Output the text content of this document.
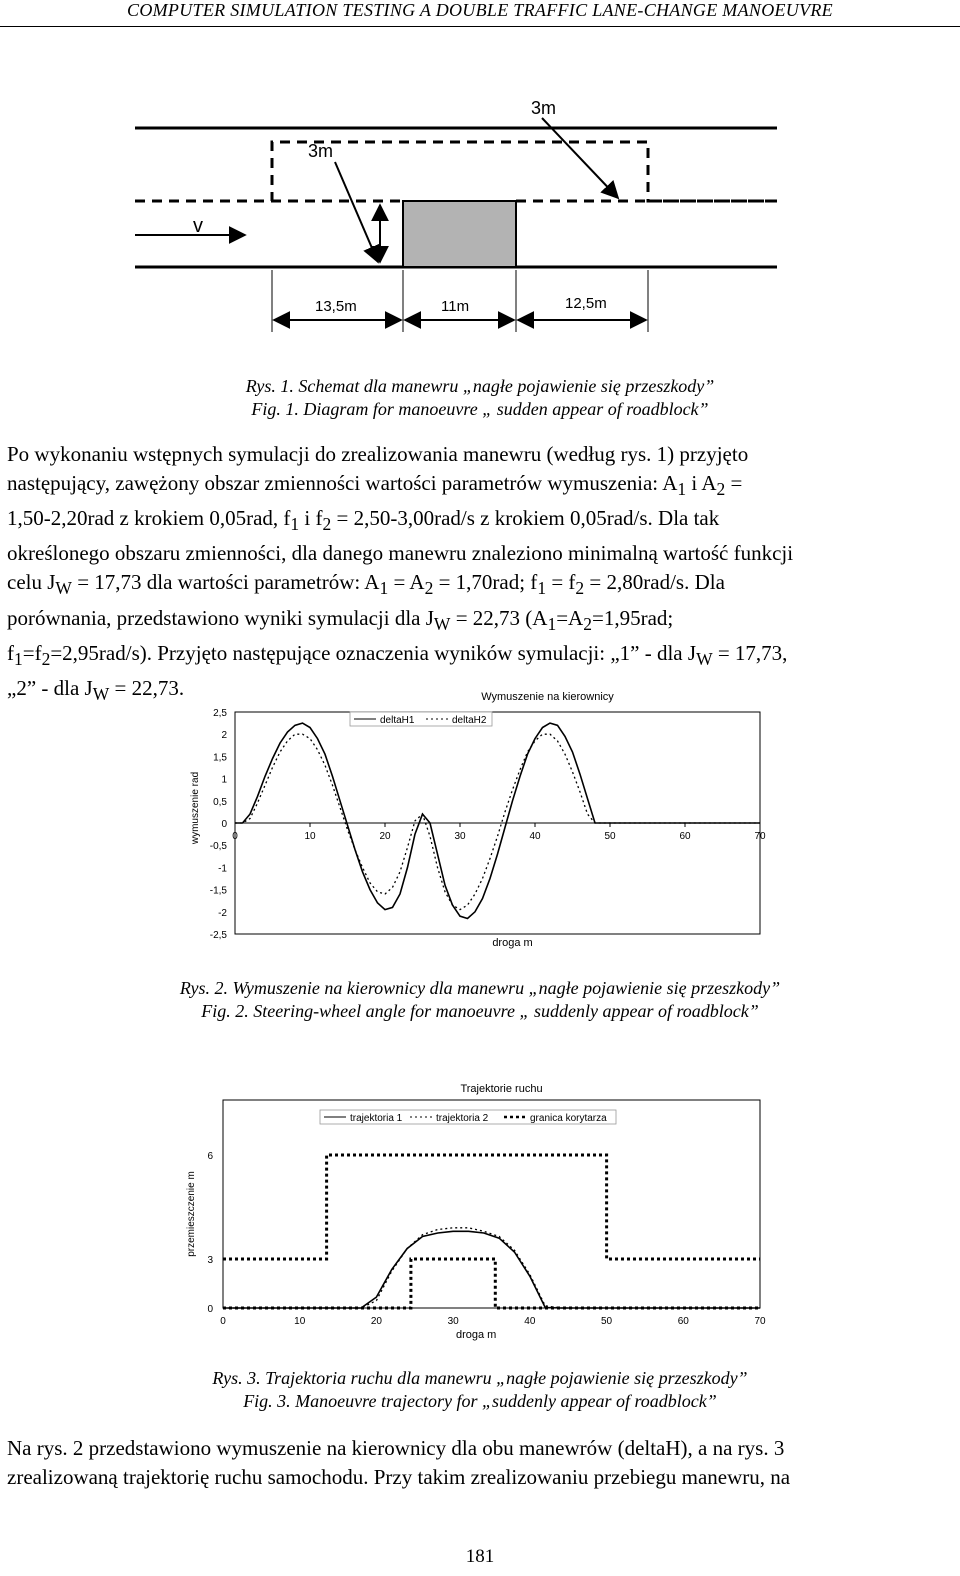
COMPUTER SIMULATION TESTING A DOUBLE TRAFFIC LANE-CHANGE MANOEUVRE
v
3m
3m
13,5m	11m	12,5m
Rys. 1. Schemat dla manewru „nagłe pojawienie się przeszkody”
Fig. 1. Diagram for manoeuvre „ sudden appear of roadblock”

Po wykonaniu wstępnych symulacji do zrealizowania manewru (według rys. 1) przyjęto

następujący, zawężony obszar zmienności wartości parametrów wymuszenia: $A_1$ i $A_2$ =

1,50-2,20rad z krokiem 0,05rad, $f_1$ i $f_2 = 2,50-3,00rad/s$ z krokiem 0,05rad/s. Dla tak

określonego obszaru zmienności, dla danego manewru znaleziono minimalną wartość funkcji

celu $J_W = 17,73$ dla wartości parametrów: $A_1 = A_2 = 1,70rad$; $f_1 = f_2 = 2,80rad/s$. Dla

porównania, przedstawiono wyniki symulacji dla $J_W = 22,73$ ($A_1=A_2=1,95rad$;

$f_1=f_2=2,95rad/s$). Przyjęto następujące oznaczenia wyników symulacji: „1” - dla $J_W = 17,73$,

„2” - dla $J_W = 22,73$.	Wymuszenie na kierownicy
2,5
2
1,5
1
0,5
0
-0,5
-1
-1,5
-2
-2,5
0	10	20	30	40	50	60	70
droga m
wymuszenie rad
deltaH1	deltaH2
Rys. 2. Wymuszenie na kierownicy dla manewru „nagłe pojawienie się przeszkody”
Fig. 2. Steering-wheel angle for manoeuvre „ suddenly appear of roadblock”
Trajektorie ruchu
6
3
0
0	10	20	30	40	50	60	70
droga m
przemieszczenie m
trajektoria 1	trajektoria 2	granica korytarza
Rys. 3. Trajektoria ruchu dla manewru „nagłe pojawienie się przeszkody”
Fig. 3. Manoeuvre trajectory for „suddenly appear of roadblock”

Na rys. 2 przedstawiono wymuszenie na kierownicy dla obu manewrów (deltaH), a na rys. 3

zrealizowaną trajektorię ruchu samochodu. Przy takim zrealizowaniu przebiegu manewru, na

181
